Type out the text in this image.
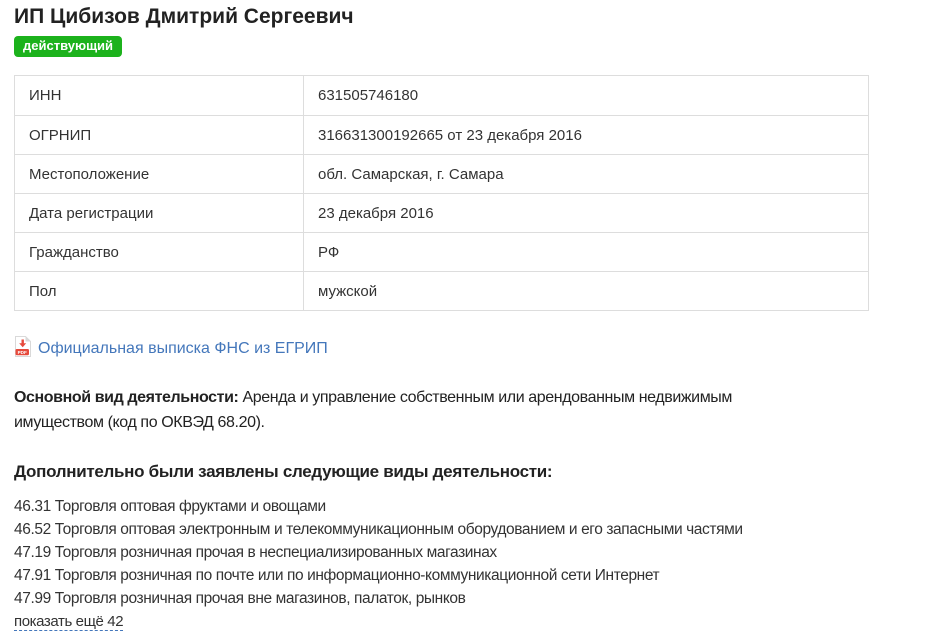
ИП Цибизов Дмитрий Сергеевич
действующий
ИНН	631505746180
ОГРНИП	316631300192665 от 23 декабря 2016
Местоположение	обл. Самарская, г. Самара
Дата регистрации	23 декабря 2016
Гражданство	РФ
Пол	мужской
PDF Официальная выписка ФНС из ЕГРИП

Основной вид деятельности: Аренда и управление собственным или арендованным недвижимым имуществом (код по ОКВЭД 68.20).

Дополнительно были заявлены следующие виды деятельности:
46.31 Торговля оптовая фруктами и овощами
46.52 Торговля оптовая электронным и телекоммуникационным оборудованием и его запасными частями
47.19 Торговля розничная прочая в неспециализированных магазинах
47.91 Торговля розничная по почте или по информационно-коммуникационной сети Интернет
47.99 Торговля розничная прочая вне магазинов, палаток, рынков
показать ещё 42
